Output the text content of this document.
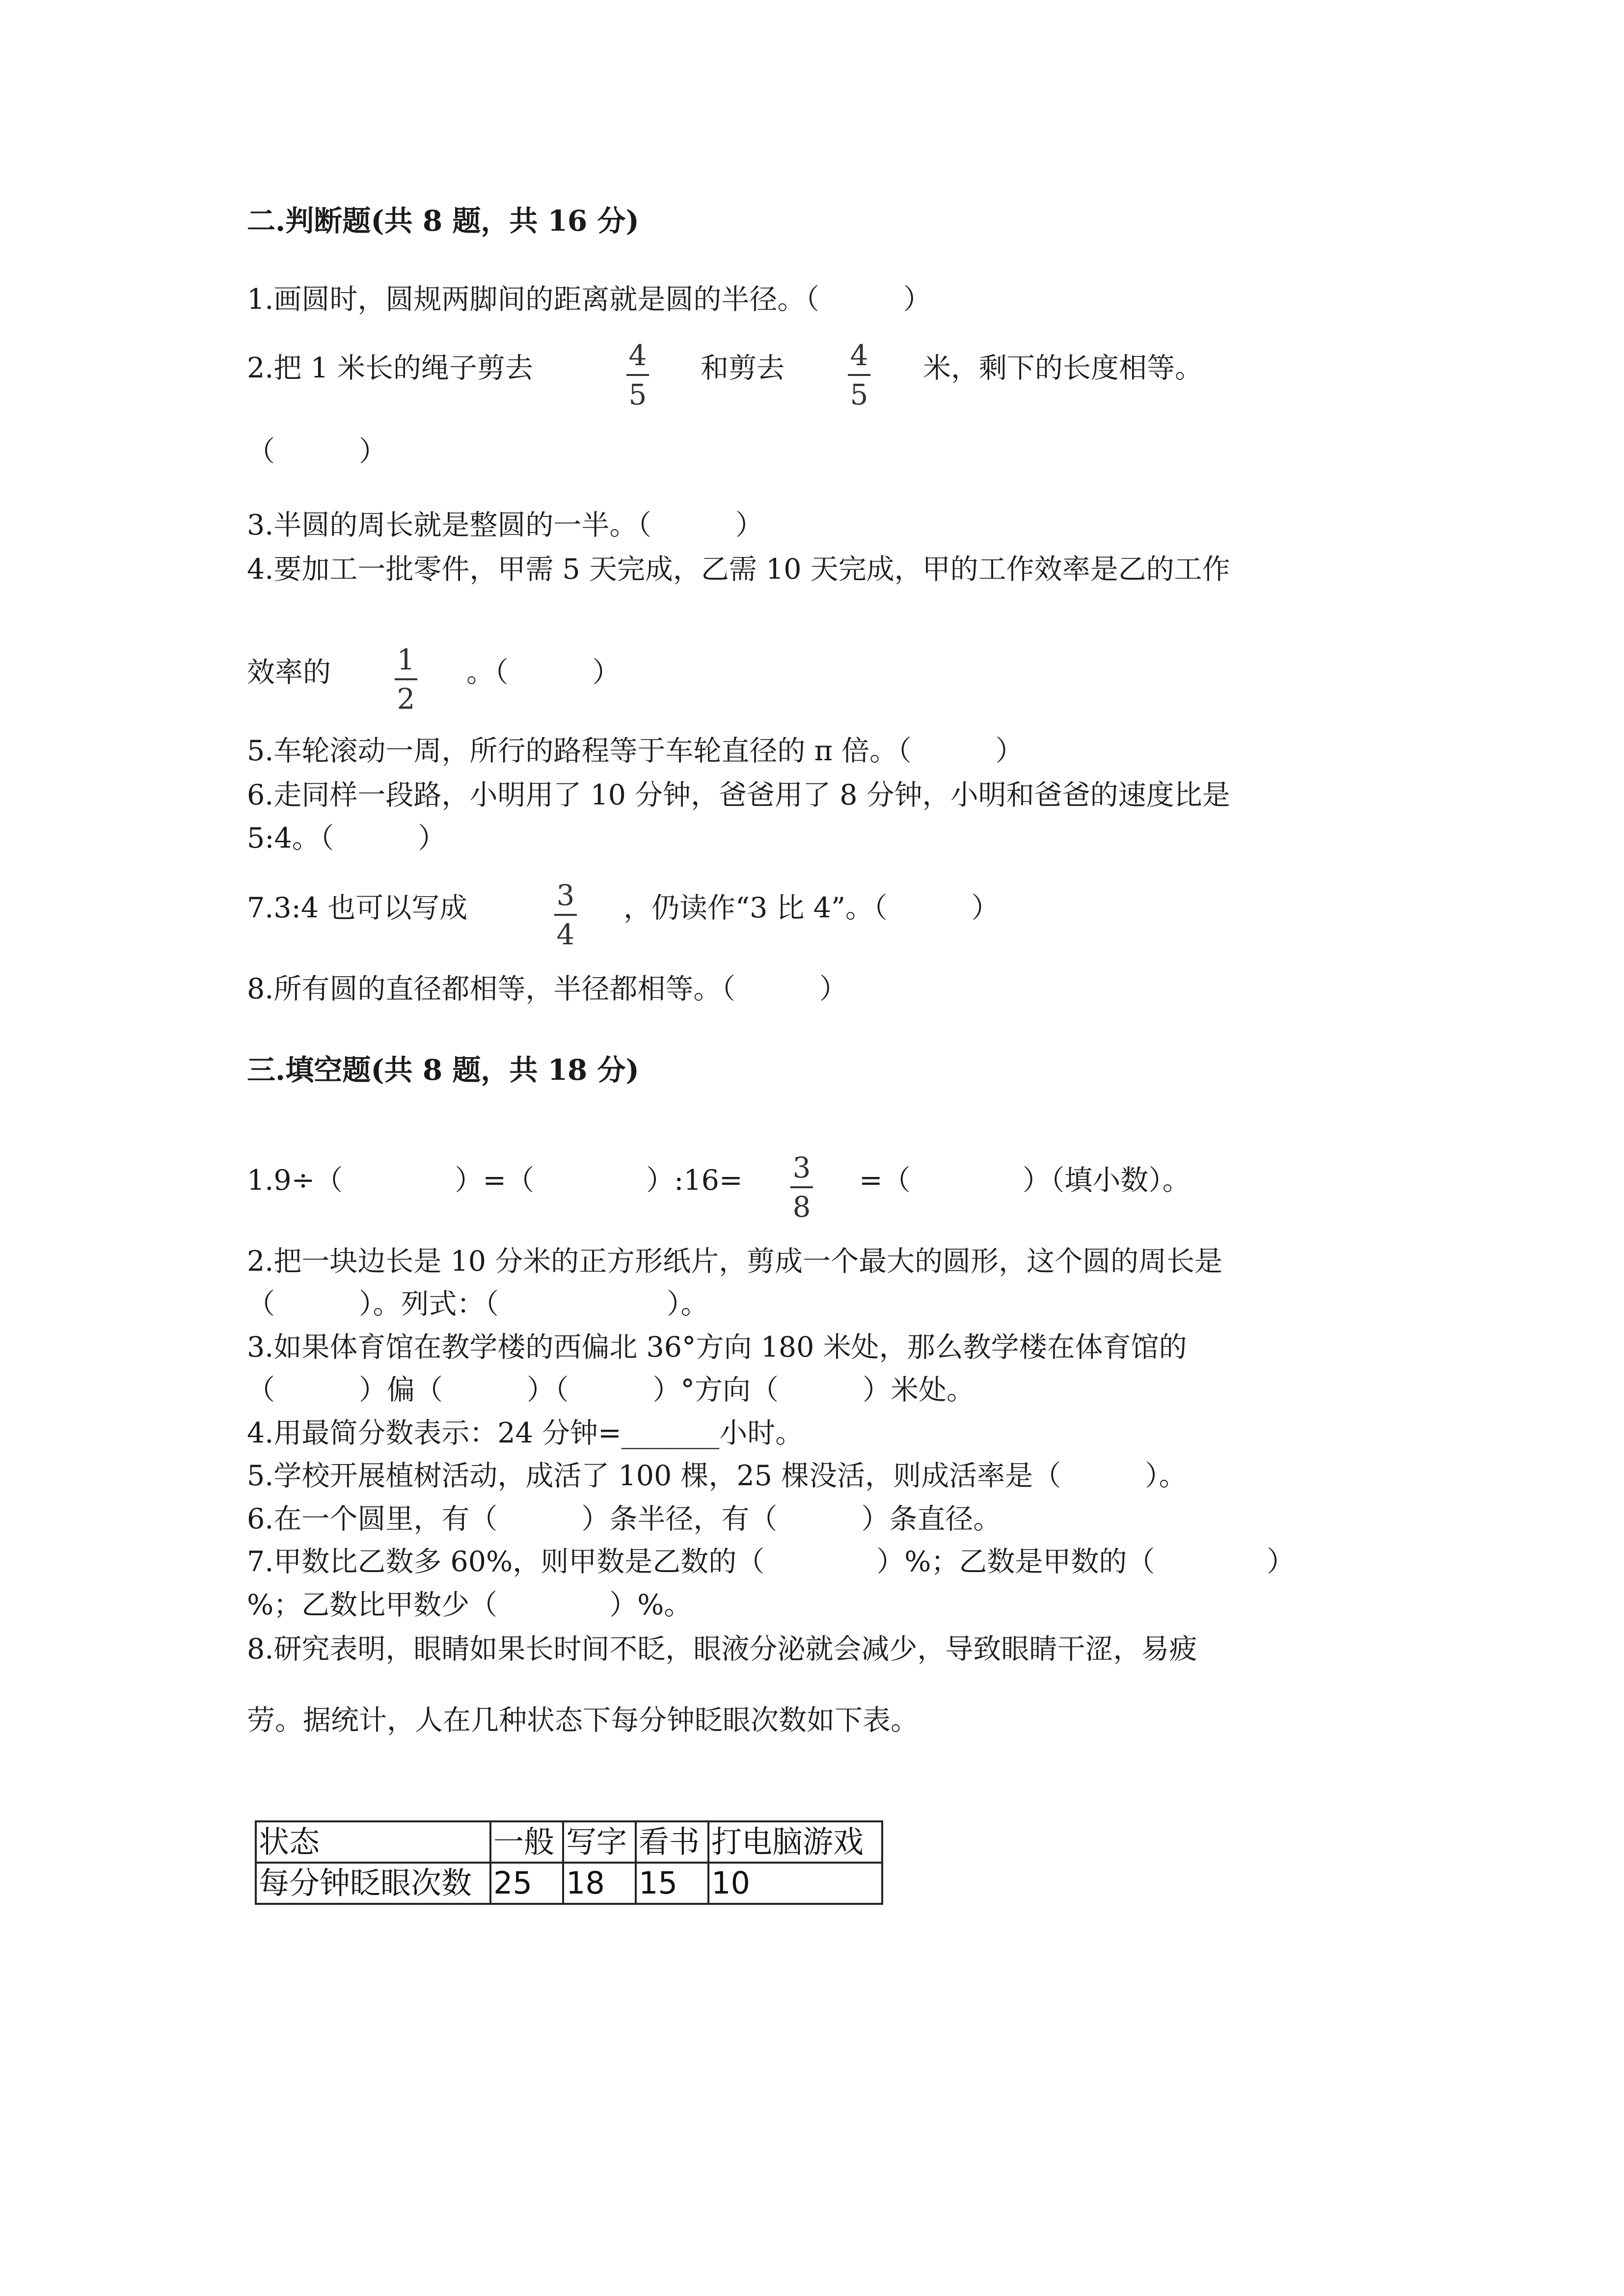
二.判断题(共 8 题，共 16 分)
1.画圆时，圆规两脚间的距离就是圆的半径。（　　　）
2.把 1 米长的绳子剪去	4
5
和剪去 4
5
米，剩下的长度相等。
（　　　）
3.半圆的周长就是整圆的一半。（　　　）
4.要加工一批零件，甲需 5 天完成，乙需 10 天完成，甲的工作效率是乙的工作
效率的 1
2
。（　　　）
5.车轮滚动一周，所行的路程等于车轮直径的 π 倍。（　　　）
6.走同样一段路，小明用了 10 分钟，爸爸用了 8 分钟，小明和爸爸的速度比是
5:4。（　　　）
7.3:4 也可以写成	3
4
，仍读作“3 比 4”。（　　　）
8.所有圆的直径都相等，半径都相等。（　　　）
三.填空题(共 8 题，共 18 分)
1.9÷（　　　　）=（　　　　）:16= 3
8
=（　　　　）（填小数）。
2.把一块边长是 10 分米的正方形纸片，剪成一个最大的圆形，这个圆的周长是
（　　　）。列式：（　　　　　　）。
3.如果体育馆在教学楼的西偏北 36°方向 180 米处，那么教学楼在体育馆的
（　　　）偏（　　　）（　　　）°方向（　　　）米处。
4.用最简分数表示：24 分钟=_______小时。
5.学校开展植树活动，成活了 100 棵，25 棵没活，则成活率是（　　　）。
6.在一个圆里，有（　　　）条半径，有（　　　）条直径。
7.甲数比乙数多 60%，则甲数是乙数的（　　　　）%；乙数是甲数的（　　　　）
%；乙数比甲数少（　　　　）%。
8.研究表明，眼睛如果长时间不眨，眼液分泌就会减少，导致眼睛干涩，易疲
劳。据统计，人在几种状态下每分钟眨眼次数如下表。
状态	一般	写字	看书	打电脑游戏
每分钟眨眼次数	25	18	15	10
